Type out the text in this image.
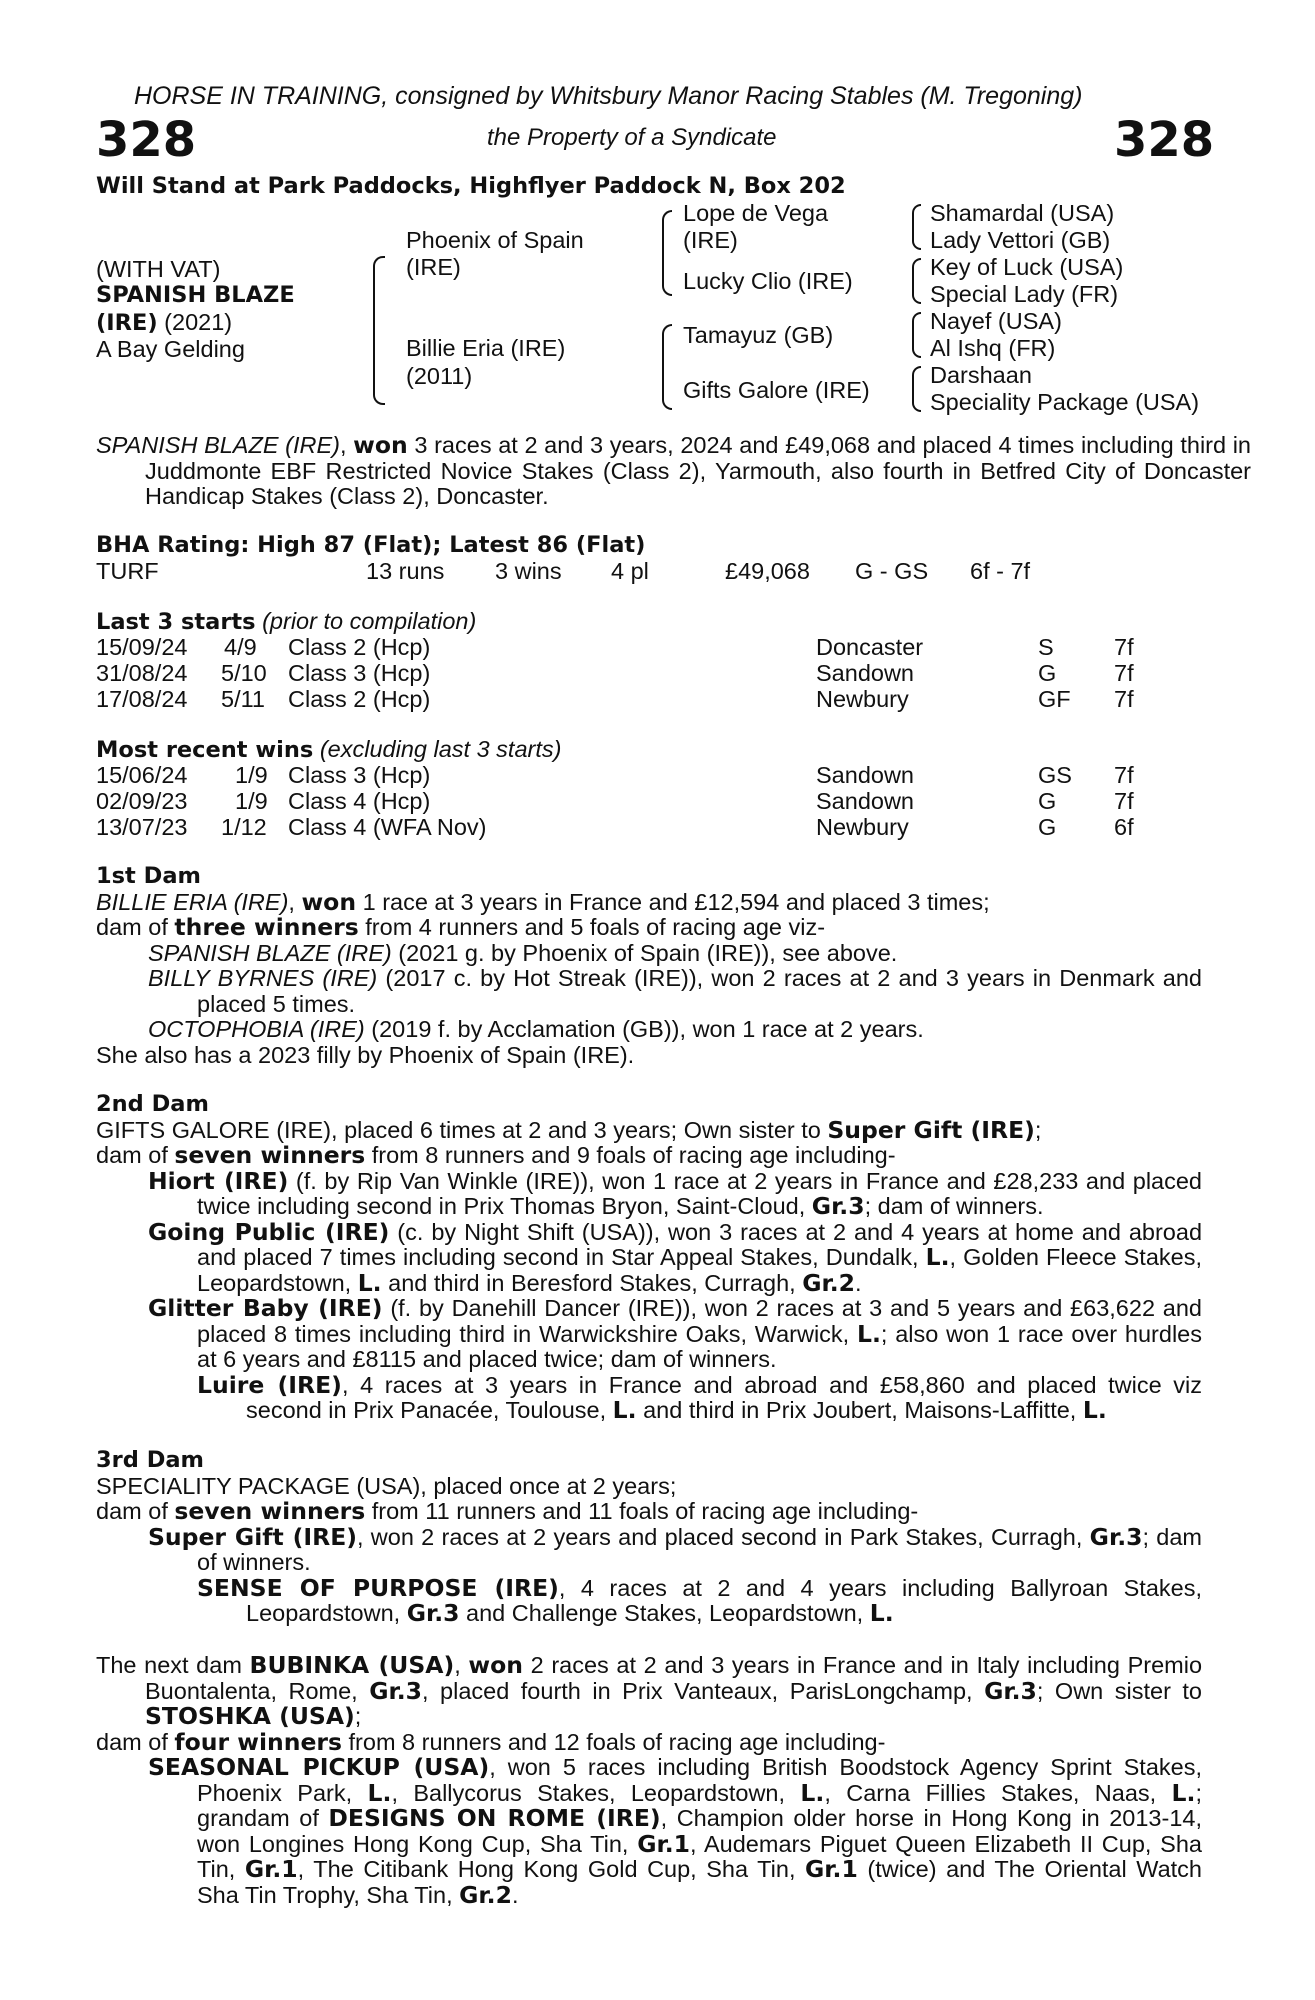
HORSE IN TRAINING, consigned by Whitsbury Manor Racing Stables (M. Tregoning)
328	the Property of a Syndicate	328
Will Stand at Park Paddocks, Highflyer Paddock N, Box 202
(WITH VAT)
SPANISH BLAZE
(IRE) (2021)
A Bay Gelding
Phoenix of Spain
(IRE)
Billie Eria (IRE)
(2011)
Lope de Vega
(IRE)
Lucky Clio (IRE)
Tamayuz (GB)
Gifts Galore (IRE)
Shamardal (USA)
Lady Vettori (GB)
Key of Luck (USA)
Special Lady (FR)
Nayef (USA)
Al Ishq (FR)
Darshaan
Speciality Package (USA)
SPANISH BLAZE (IRE), won 3 races at 2 and 3 years, 2024 and £49,068 and placed 4 times including third in Juddmonte EBF Restricted Novice Stakes (Class 2), Yarmouth, also fourth in Betfred City of Doncaster Handicap Stakes (Class 2), Doncaster.
BHA Rating: High 87 (Flat); Latest 86 (Flat)
TURF	13 runs 3 wins 4 pl	£49,068 G - GS 6f - 7f
Last 3 starts (prior to compilation)
15/09/24 4/9 Class 2 (Hcp)	Doncaster	S	7f
31/08/24 5/10 Class 3 (Hcp)	Sandown	G 7f
17/08/24 5/11 Class 2 (Hcp)	Newbury	GF 7f
Most recent wins (excluding last 3 starts)
15/06/24 1/9 Class 3 (Hcp)	Sandown	GS 7f
02/09/23 1/9 Class 4 (Hcp)	Sandown	G 7f
13/07/23 1/12 Class 4 (WFA Nov)	Newbury	G 6f
1st Dam
BILLIE ERIA (IRE), won 1 race at 3 years in France and £12,594 and placed 3 times;
dam of three winners from 4 runners and 5 foals of racing age viz-
SPANISH BLAZE (IRE) (2021 g. by Phoenix of Spain (IRE)), see above.
BILLY BYRNES (IRE) (2017 c. by Hot Streak (IRE)), won 2 races at 2 and 3 years in Denmark and placed 5 times.
OCTOPHOBIA (IRE) (2019 f. by Acclamation (GB)), won 1 race at 2 years.
She also has a 2023 filly by Phoenix of Spain (IRE).
2nd Dam
GIFTS GALORE (IRE), placed 6 times at 2 and 3 years; Own sister to Super Gift (IRE);
dam of seven winners from 8 runners and 9 foals of racing age including-
Hiort (IRE) (f. by Rip Van Winkle (IRE)), won 1 race at 2 years in France and £28,233 and placed twice including second in Prix Thomas Bryon, Saint-Cloud, Gr.3; dam of winners.
Going Public (IRE) (c. by Night Shift (USA)), won 3 races at 2 and 4 years at home and abroad and placed 7 times including second in Star Appeal Stakes, Dundalk, L., Golden Fleece Stakes, Leopardstown, L. and third in Beresford Stakes, Curragh, Gr.2.
Glitter Baby (IRE) (f. by Danehill Dancer (IRE)), won 2 races at 3 and 5 years and £63,622 and placed 8 times including third in Warwickshire Oaks, Warwick, L.; also won 1 race over hurdles at 6 years and £8115 and placed twice; dam of winners.
Luire (IRE), 4 races at 3 years in France and abroad and £58,860 and placed twice viz second in Prix Panacée, Toulouse, L. and third in Prix Joubert, Maisons-Laffitte, L.
3rd Dam
SPECIALITY PACKAGE (USA), placed once at 2 years;
dam of seven winners from 11 runners and 11 foals of racing age including-
Super Gift (IRE), won 2 races at 2 years and placed second in Park Stakes, Curragh, Gr.3; dam of winners.
SENSE OF PURPOSE (IRE), 4 races at 2 and 4 years including Ballyroan Stakes, Leopardstown, Gr.3 and Challenge Stakes, Leopardstown, L.
The next dam BUBINKA (USA), won 2 races at 2 and 3 years in France and in Italy including Premio Buontalenta, Rome, Gr.3, placed fourth in Prix Vanteaux, ParisLongchamp, Gr.3; Own sister to STOSHKA (USA);
dam of four winners from 8 runners and 12 foals of racing age including-
SEASONAL PICKUP (USA), won 5 races including British Boodstock Agency Sprint Stakes, Phoenix Park, L., Ballycorus Stakes, Leopardstown, L., Carna Fillies Stakes, Naas, L.; grandam of DESIGNS ON ROME (IRE), Champion older horse in Hong Kong in 2013-14, won Longines Hong Kong Cup, Sha Tin, Gr.1, Audemars Piguet Queen Elizabeth II Cup, Sha Tin, Gr.1, The Citibank Hong Kong Gold Cup, Sha Tin, Gr.1 (twice) and The Oriental Watch Sha Tin Trophy, Sha Tin, Gr.2.
